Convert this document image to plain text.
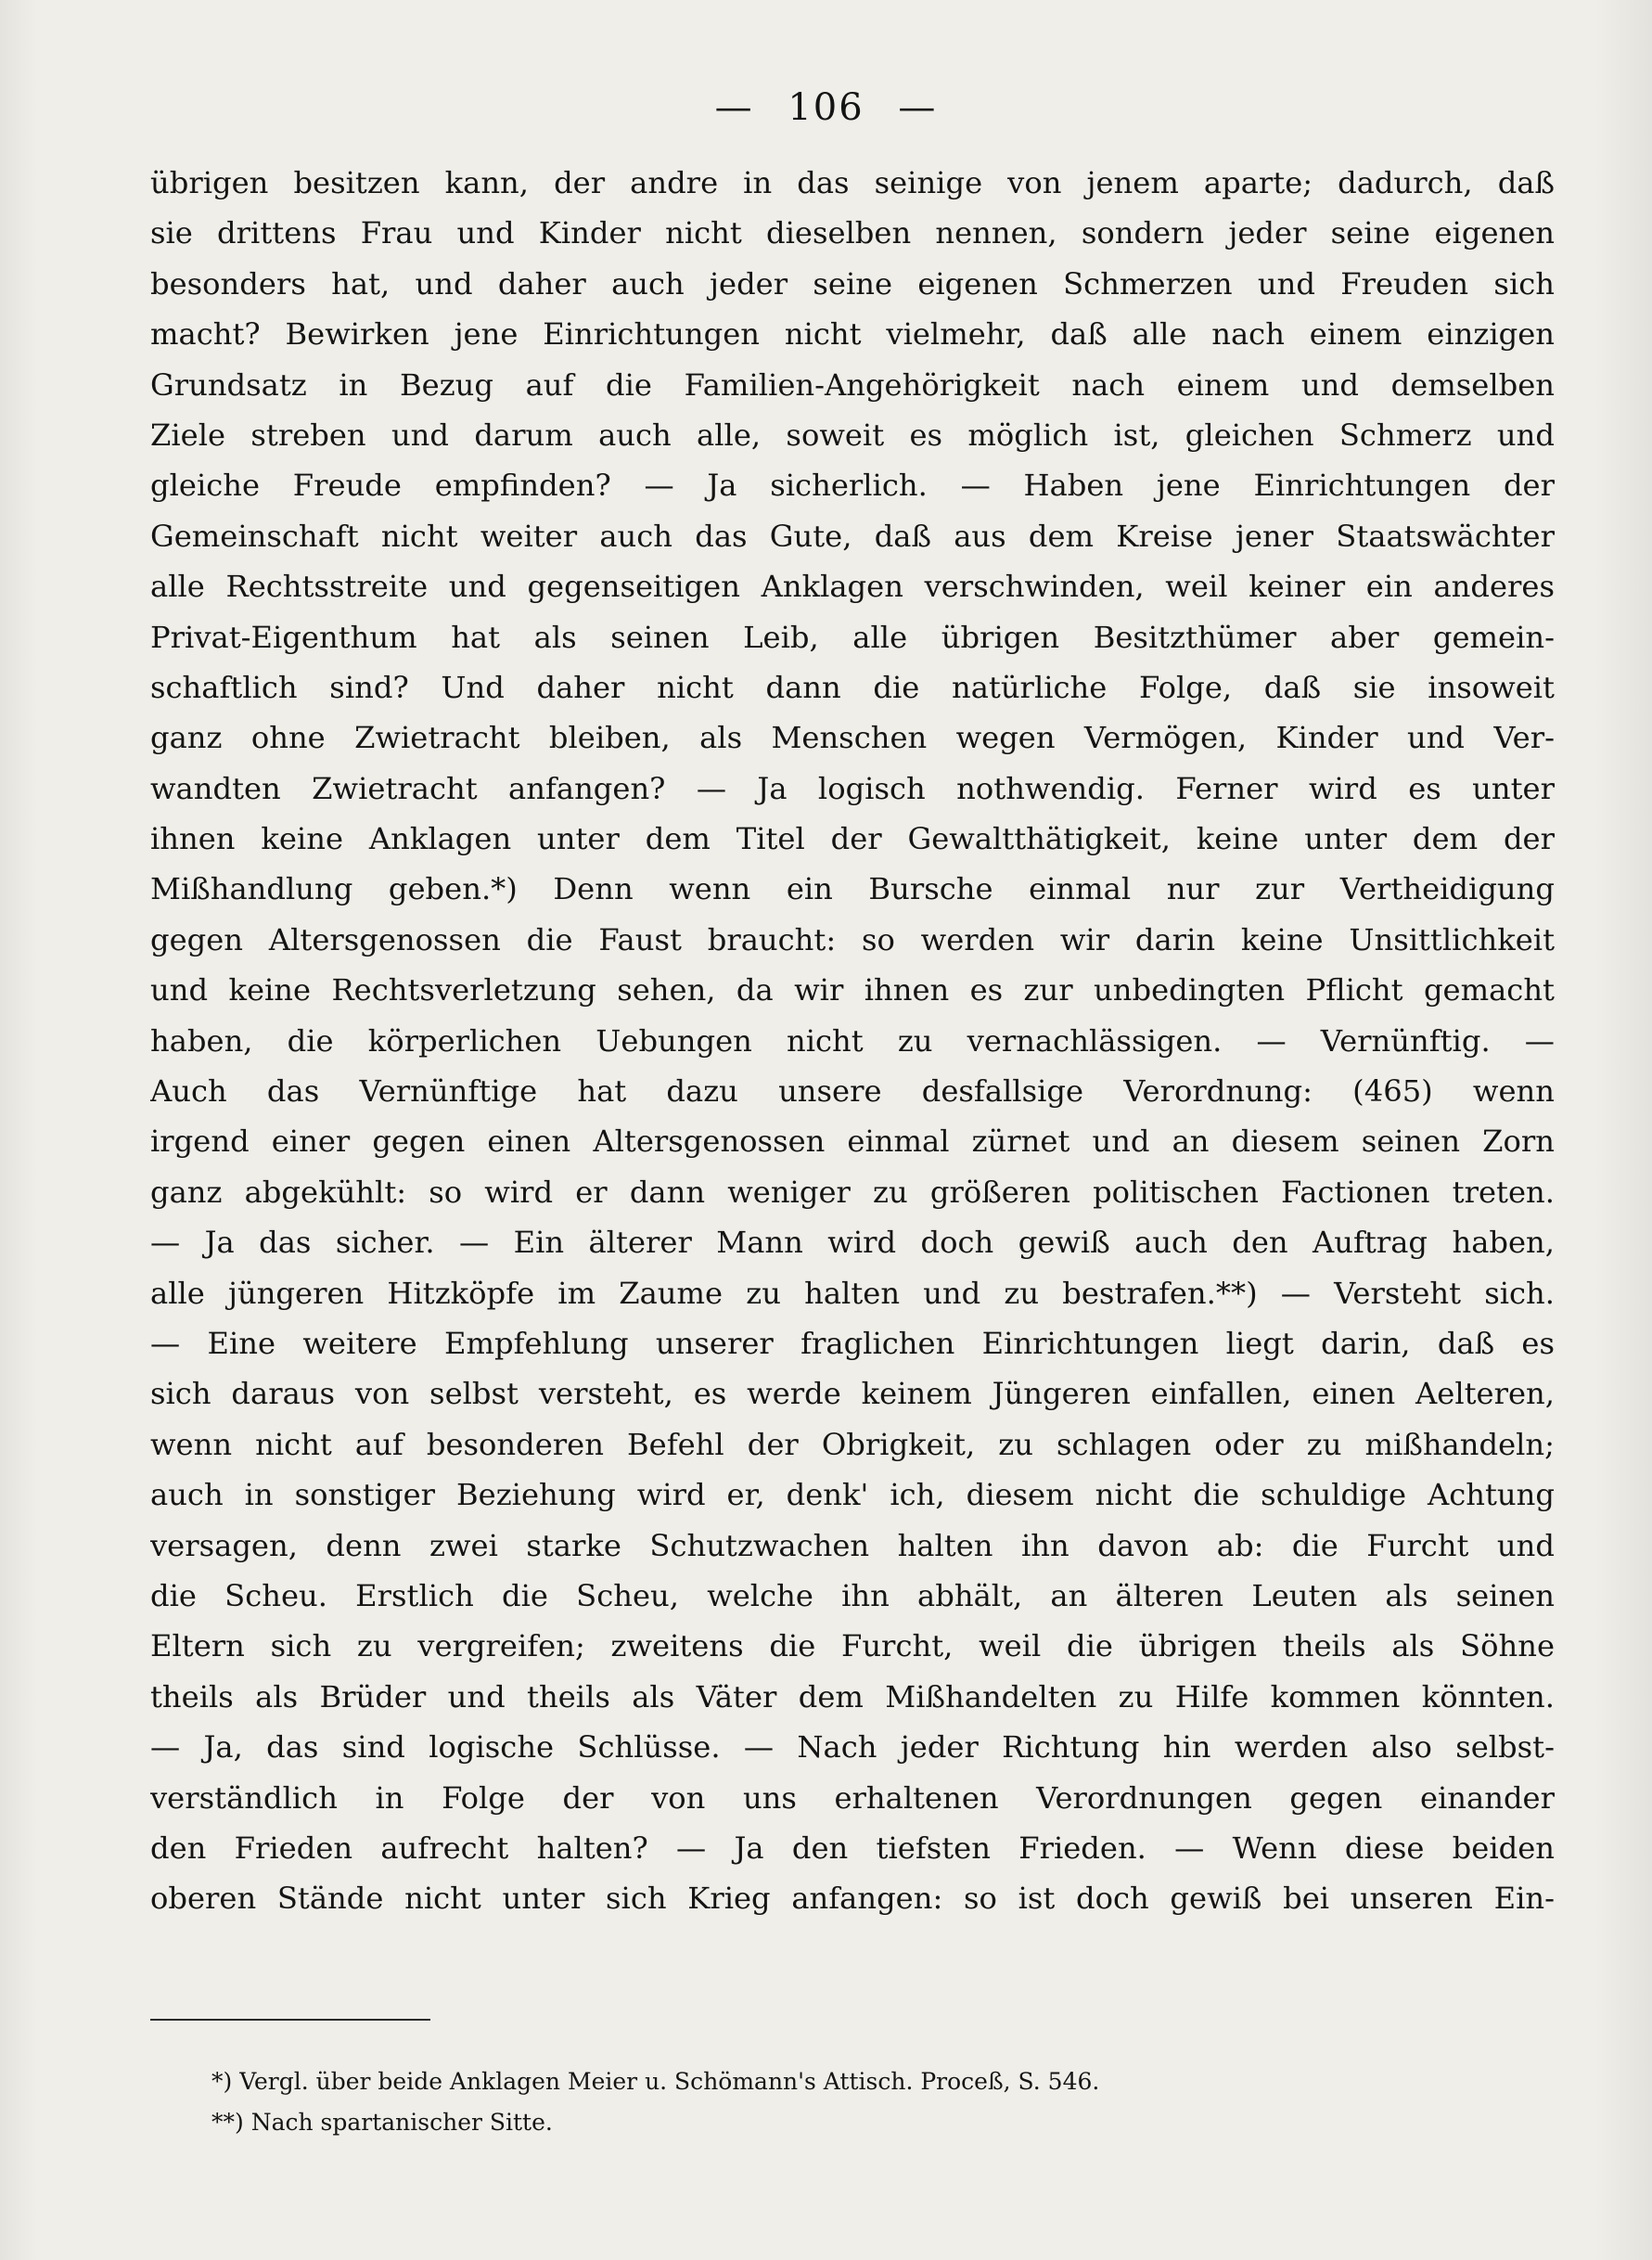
— 106 —
übrigen besitzen kann, der andre in das seinige von jenem aparte; dadurch, daß
sie drittens Frau und Kinder nicht dieselben nennen, sondern jeder seine eigenen
besonders hat, und daher auch jeder seine eigenen Schmerzen und Freuden sich
macht? Bewirken jene Einrichtungen nicht vielmehr, daß alle nach einem einzigen
Grundsatz in Bezug auf die Familien-Angehörigkeit nach einem und demselben
Ziele streben und darum auch alle, soweit es möglich ist, gleichen Schmerz und
gleiche Freude empfinden? — Ja sicherlich. — Haben jene Einrichtungen der
Gemeinschaft nicht weiter auch das Gute, daß aus dem Kreise jener Staatswächter
alle Rechtsstreite und gegenseitigen Anklagen verschwinden, weil keiner ein anderes
Privat-Eigenthum hat als seinen Leib, alle übrigen Besitzthümer aber gemein-
schaftlich sind? Und daher nicht dann die natürliche Folge, daß sie insoweit
ganz ohne Zwietracht bleiben, als Menschen wegen Vermögen, Kinder und Ver-
wandten Zwietracht anfangen? — Ja logisch nothwendig. Ferner wird es unter
ihnen keine Anklagen unter dem Titel der Gewaltthätigkeit, keine unter dem der
Mißhandlung geben.*) Denn wenn ein Bursche einmal nur zur Vertheidigung
gegen Altersgenossen die Faust braucht: so werden wir darin keine Unsittlichkeit
und keine Rechtsverletzung sehen, da wir ihnen es zur unbedingten Pflicht gemacht
haben, die körperlichen Uebungen nicht zu vernachlässigen. — Vernünftig. —
Auch das Vernünftige hat dazu unsere desfallsige Verordnung: (465) wenn
irgend einer gegen einen Altersgenossen einmal zürnet und an diesem seinen Zorn
ganz abgekühlt: so wird er dann weniger zu größeren politischen Factionen treten.
— Ja das sicher. — Ein älterer Mann wird doch gewiß auch den Auftrag haben,
alle jüngeren Hitzköpfe im Zaume zu halten und zu bestrafen.**) — Versteht sich.
— Eine weitere Empfehlung unserer fraglichen Einrichtungen liegt darin, daß es
sich daraus von selbst versteht, es werde keinem Jüngeren einfallen, einen Aelteren,
wenn nicht auf besonderen Befehl der Obrigkeit, zu schlagen oder zu mißhandeln;
auch in sonstiger Beziehung wird er, denk' ich, diesem nicht die schuldige Achtung
versagen, denn zwei starke Schutzwachen halten ihn davon ab: die Furcht und
die Scheu. Erstlich die Scheu, welche ihn abhält, an älteren Leuten als seinen
Eltern sich zu vergreifen; zweitens die Furcht, weil die übrigen theils als Söhne
theils als Brüder und theils als Väter dem Mißhandelten zu Hilfe kommen könnten.
— Ja, das sind logische Schlüsse. — Nach jeder Richtung hin werden also selbst-
verständlich in Folge der von uns erhaltenen Verordnungen gegen einander
den Frieden aufrecht halten? — Ja den tiefsten Frieden. — Wenn diese beiden
oberen Stände nicht unter sich Krieg anfangen: so ist doch gewiß bei unseren Ein-
*) Vergl. über beide Anklagen Meier u. Schömann's Attisch. Proceß, S. 546.
**) Nach spartanischer Sitte.
